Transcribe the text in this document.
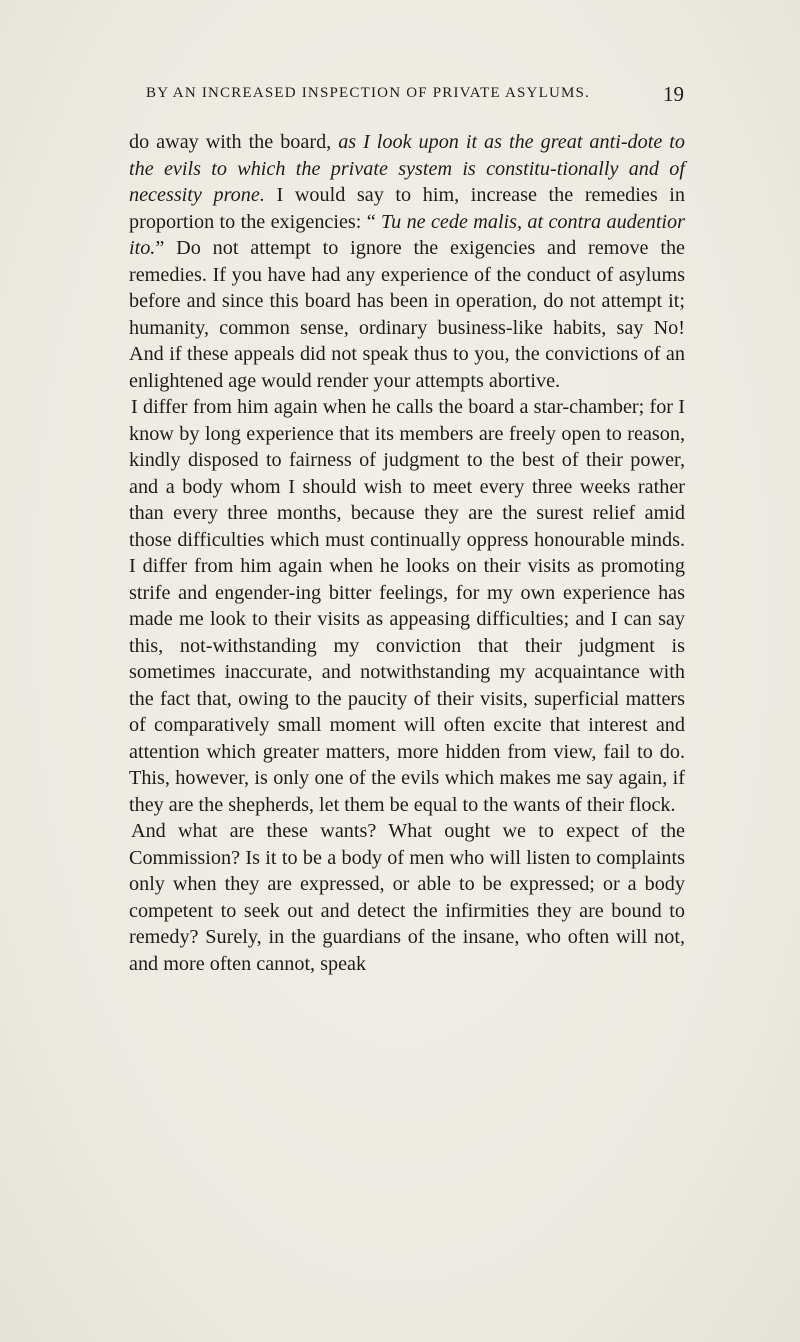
BY AN INCREASED INSPECTION OF PRIVATE ASYLUMS.	19

do away with the board, as I look upon it as the great anti-dote to the evils to which the private system is constitu-tionally and of necessity prone. I would say to him, increase the remedies in proportion to the exigencies: “ Tu ne cede malis, at contra audentior ito.” Do not attempt to ignore the exigencies and remove the remedies. If you have had any experience of the conduct of asylums before and since this board has been in operation, do not attempt it; humanity, common sense, ordinary business-like habits, say No! And if these appeals did not speak thus to you, the convictions of an enlightened age would render your attempts abortive.

I differ from him again when he calls the board a star-chamber; for I know by long experience that its members are freely open to reason, kindly disposed to fairness of judgment to the best of their power, and a body whom I should wish to meet every three weeks rather than every three months, because they are the surest relief amid those difficulties which must continually oppress honourable minds. I differ from him again when he looks on their visits as promoting strife and engender-ing bitter feelings, for my own experience has made me look to their visits as appeasing difficulties; and I can say this, not-withstanding my conviction that their judgment is sometimes inaccurate, and notwithstanding my acquaintance with the fact that, owing to the paucity of their visits, superficial matters of comparatively small moment will often excite that interest and attention which greater matters, more hidden from view, fail to do. This, however, is only one of the evils which makes me say again, if they are the shepherds, let them be equal to the wants of their flock.

And what are these wants? What ought we to expect of the Commission? Is it to be a body of men who will listen to complaints only when they are expressed, or able to be expressed; or a body competent to seek out and detect the infirmities they are bound to remedy? Surely, in the guardians of the insane, who often will not, and more often cannot, speak
